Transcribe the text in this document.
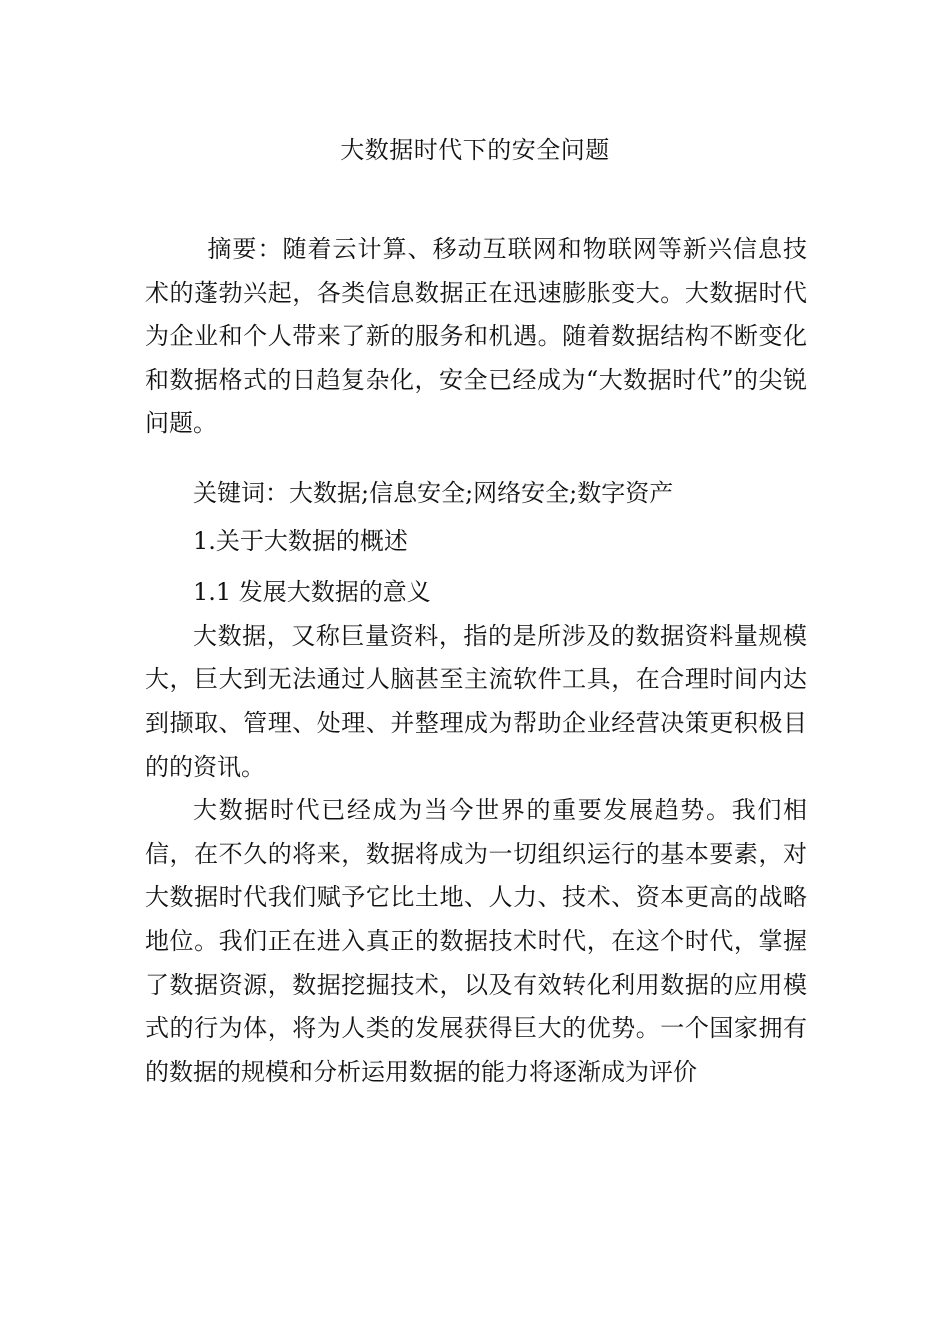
大数据时代下的安全问题

摘要：随着云计算、移动互联网和物联网等新兴信息技术的蓬勃兴起，各类信息数据正在迅速膨胀变大。大数据时代为企业和个人带来了新的服务和机遇。随着数据结构不断变化和数据格式的日趋复杂化，安全已经成为“大数据时代”的尖锐问题。

关键词：大数据;信息安全;网络安全;数字资产

1.关于大数据的概述

1.1 发展大数据的意义

大数据，又称巨量资料，指的是所涉及的数据资料量规模大，巨大到无法通过人脑甚至主流软件工具，在合理时间内达到撷取、管理、处理、并整理成为帮助企业经营决策更积极目的的资讯。

大数据时代已经成为当今世界的重要发展趋势。我们相信，在不久的将来，数据将成为一切组织运行的基本要素，对大数据时代我们赋予它比土地、人力、技术、资本更高的战略地位。我们正在进入真正的数据技术时代，在这个时代，掌握了数据资源，数据挖掘技术，以及有效转化利用数据的应用模式的行为体，将为人类的发展获得巨大的优势。一个国家拥有的数据的规模和分析运用数据的能力将逐渐成为评价
